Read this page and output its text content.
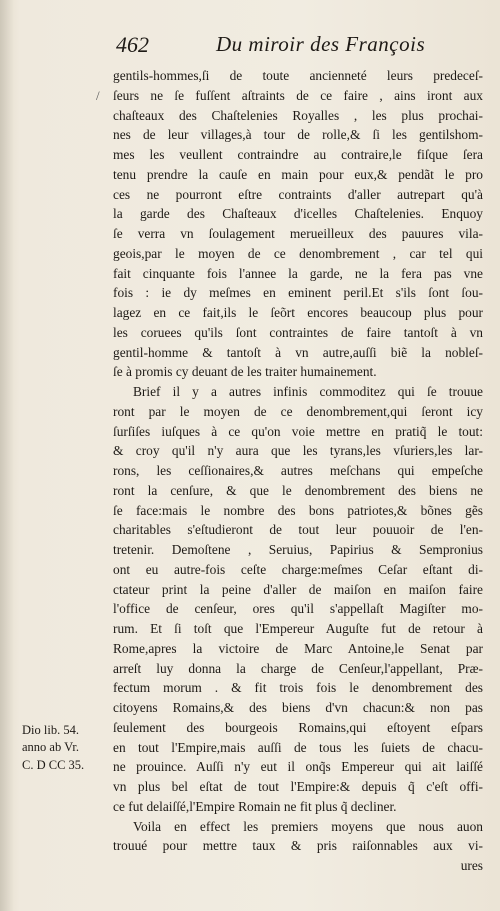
462	Du miroir des François
/
gentils-hommes,ſi de toute ancienneté leurs predeceſ-
ſeurs ne ſe fuſſent aſtraints de ce faire , ains iront aux
chaſteaux des Chaſtelenies Royalles , les plus prochai-
nes de leur villages,à tour de rolle,& ſi les gentilshom-
mes les veullent contraindre au contraire,le fiſque ſera
tenu prendre la cauſe en main pour eux,& pendãt le pro
ces ne pourront eſtre contraints d'aller autrepart qu'à
la garde des Chaſteaux d'icelles Chaſtelenies. Enquoy
ſe verra vn ſoulagement merueilleux des pauures vila-
geois,par le moyen de ce denombrement , car tel qui
fait cinquante fois l'annee la garde, ne la fera pas vne
fois : ie dy meſmes en eminent peril.Et s'ils ſont ſou-
lagez en ce fait,ils le ſeõrt encores beaucoup plus pour
les coruees qu'ils ſont contraintes de faire tantoſt à vn
gentil-homme & tantoſt à vn autre,auſſi biẽ la nobleſ-
ſe à promis cy deuant de les traiter humainement.
Brief il y a autres infinis commoditez qui ſe trouue
ront par le moyen de ce denombrement,qui ſeront icy
ſurſiſes iuſques à ce qu'on voie mettre en pratiq̃ le tout:
& croy qu'il n'y aura que les tyrans,les vſuriers,les lar-
rons, les ceſſionaires,& autres meſchans qui empeſche
ront la cenſure, & que le denombrement des biens ne
ſe face:mais le nombre des bons patriotes,& bõnes gẽs
charitables s'eſtudieront de tout leur pouuoir de l'en-
tretenir. Demoſtene , Seruius, Papirius & Sempronius
ont eu autre-fois ceſte charge:meſmes Ceſar eſtant di-
ctateur print la peine d'aller de maiſon en maiſon faire
l'office de cenſeur, ores qu'il s'appellaſt Magiſter mo-
rum. Et ſi toſt que l'Empereur Auguſte fut de retour à
Rome,apres la victoire de Marc Antoine,le Senat par
arreſt luy donna la charge de Cenſeur,l'appellant, Præ-
fectum morum . & fit trois fois le denombrement des
citoyens Romains,& des biens d'vn chacun:& non pas
ſeulement des bourgeois Romains,qui eſtoyent eſpars
en tout l'Empire,mais auſſi de tous les ſuiets de chacu-
ne prouince. Auſſi n'y eut il onq̃s Empereur qui ait laiſſé
vn plus bel eſtat de tout l'Empire:& depuis q̃ c'eſt offi-
ce fut delaiſſé,l'Empire Romain ne fit plus q̃ decliner.
Voila en effect les premiers moyens que nous auon
trouué pour mettre taux & pris raiſonnables aux vi-
ures
Dio lib. 54.
anno ab Vr.
C. D CC 35.
